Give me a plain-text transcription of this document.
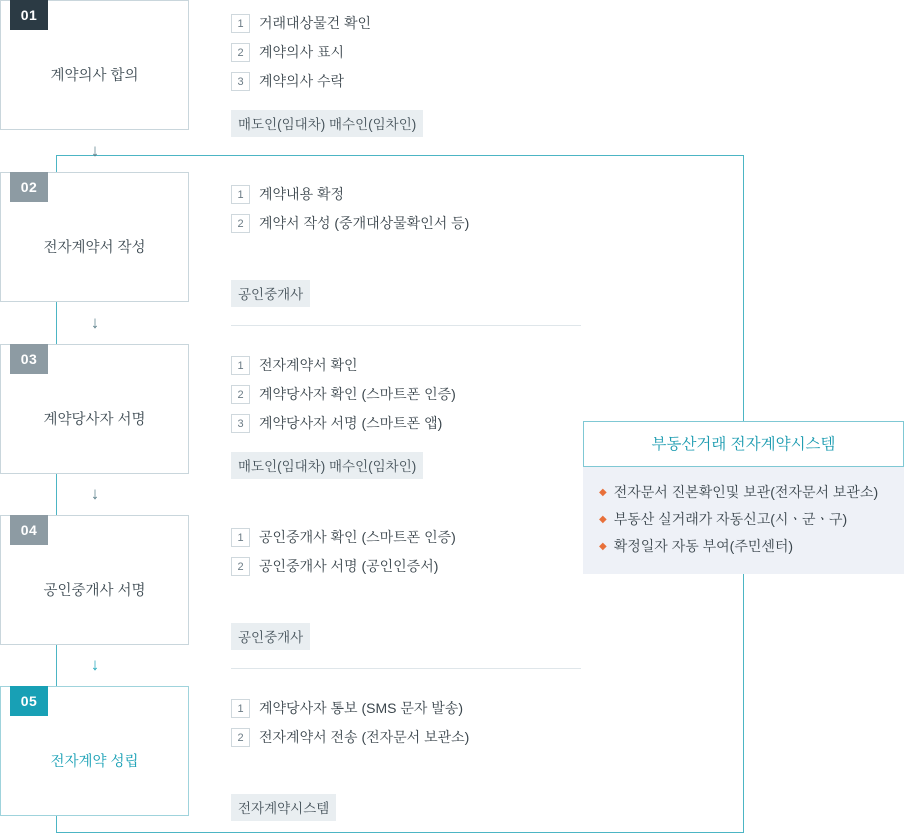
↓
↓
↓
↓
01
계약의사 합의
1 거래대상물건 확인
2 계약의사 표시
3 계약의사 수락
매도인(임대차) 매수인(임차인)
02
전자계약서 작성
1 계약내용 확정
2 계약서 작성 (중개대상물확인서 등)
공인중개사
03
계약당사자 서명
1 전자계약서 확인
2 계약당사자 확인 (스마트폰 인증)
3 계약당사자 서명 (스마트폰 앱)
매도인(임대차) 매수인(임차인)
04
공인중개사 서명
1 공인중개사 확인 (스마트폰 인증)
2 공인중개사 서명 (공인인증서)
공인중개사
05
전자계약 성립
1 계약당사자 통보 (SMS 문자 발송)
2 전자계약서 전송 (전자문서 보관소)
전자계약시스템
부동산거래 전자계약시스템
◆ 전자문서 진본확인및 보관(전자문서 보관소)
◆ 부동산 실거래가 자동신고(시ㆍ군ㆍ구)
◆ 확정일자 자동 부여(주민센터)
